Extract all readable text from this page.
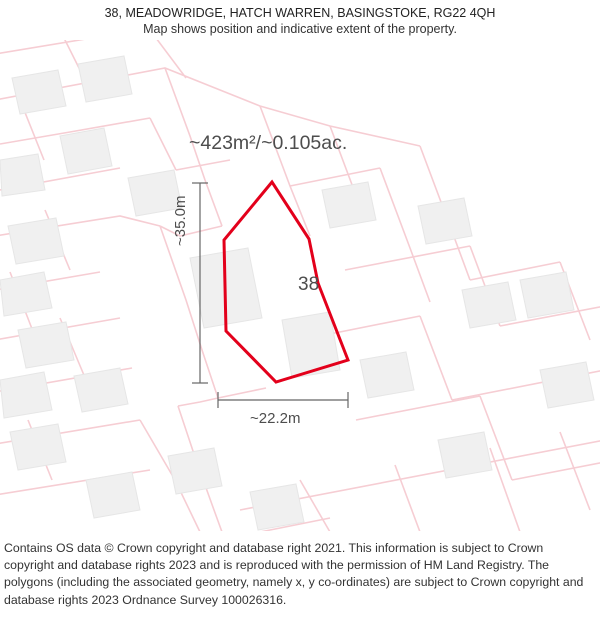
38, MEADOWRIDGE, HATCH WARREN, BASINGSTOKE, RG22 4QH
Map shows position and indicative extent of the property.
~423m²/~0.105ac.
38
~35.0m
~22.2m
Contains OS data © Crown copyright and database right 2021. This information is subject to Crown copyright and database rights 2023 and is reproduced with the permission of HM Land Registry. The polygons (including the associated geometry, namely x, y co-ordinates) are subject to Crown copyright and database rights 2023 Ordnance Survey 100026316.
